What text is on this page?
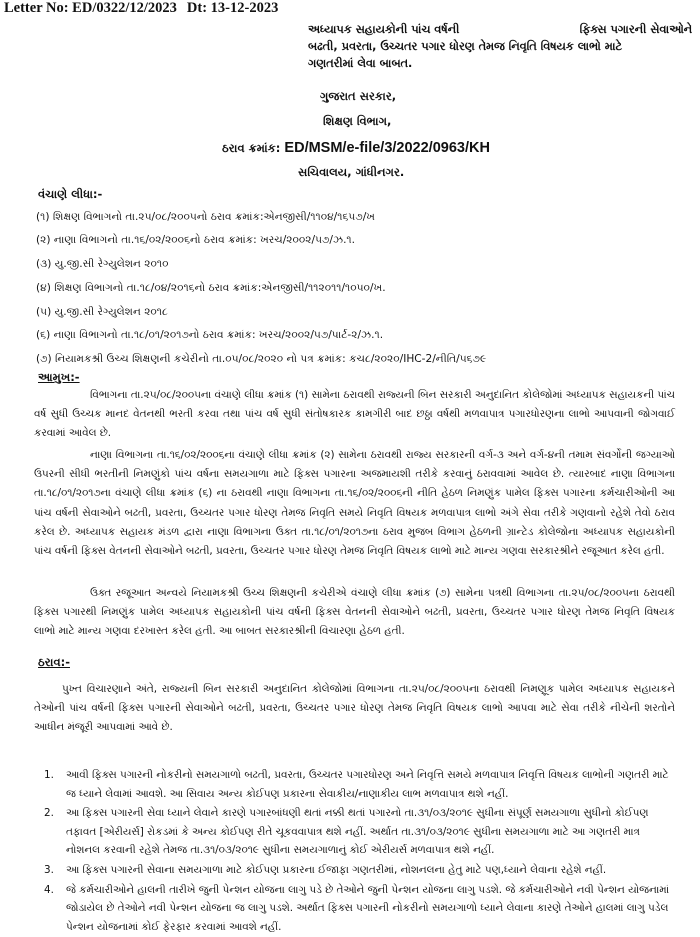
Letter No: ED/0322/12/2023 Dt: 13-12-2023
અધ્યાપક સહાયકોની પાંચ વર્ષની	ફિક્સ પગારની સેવાઓને
બઢતી, પ્રવરતા, ઉચ્ચતર પગાર ધોરણ તેમજ નિવૃતિ વિષયક લાભો માટે
ગણતરીમાં લેવા બાબત.
ગુજરાત સરકાર,
શિક્ષણ વિભાગ,
ઠરાવ ક્રમાંક: ED/MSM/e-file/3/2022/0963/KH
સચિવાલય, ગાંધીનગર.
વંચાણે લીધા:-
(૧) શિક્ષણ વિભાગનો તા.૨૫/૦૮/૨૦૦૫નો ઠરાવ ક્રમાંક:એનજીસી/૧૧૦૪/૧૬૫૭/ખ
(૨) નાણા વિભાગનો તા.૧૬/૦૨/૨૦૦૬નો ઠરાવ ક્રમાંક: ખરચ/૨૦૦૨/૫૭/ઝ.૧.
(૩) યુ.જી.સી રેગ્યુલેશન ૨૦૧૦
(૪) શિક્ષણ વિભાગનો તા.૧૮/૦૪/૨૦૧૬નો ઠરાવ ક્રમાંક:એનજીસી/૧૧૨૦૧૧/૧૦૫૦/ખ.
(૫) યુ.જી.સી રેગ્યુલેશન ૨૦૧૮
(૬) નાણા વિભાગનો તા.૧૮/૦૧/૨૦૧૭નો ઠરાવ ક્રમાંક: ખરચ/૨૦૦૨/૫૭/પાર્ટ-૨/ઝ.૧.
(૭) નિયામકશ્રી ઉચ્ચ શિક્ષણની કચેરીનો તા.૦૫/૦૮/૨૦૨૦ નો પત્ર ક્રમાંક: કચ૮/૨૦૨૦/IHC-2/નીતિ/૫૬૭૯
આમુખ:-
વિભાગના તા.૨૫/૦૮/૨૦૦૫ના વંચાણે લીધા ક્રમાંક (૧) સામેના ઠરાવથી રાજ્યની બિન સરકારી અનુદાનિત કોલેજોમાં અધ્યાપક સહાયકની પાંચ વર્ષ સુધી ઉચ્ચક માનદ વેતનથી ભરતી કરવા તથા પાંચ વર્ષ સુધી સંતોષકારક કામગીરી બાદ છઠ્ઠા વર્ષથી મળવાપાત્ર પગારધોરણના લાભો આપવાની જોગવાઈ કરવામાં આવેલ છે.
નાણા વિભાગના તા.૧૬/૦૨/૨૦૦૬ના વંચાણે લીધા ક્રમાંક (૨) સામેના ઠરાવથી રાજ્ય સરકારની વર્ગ-૩ અને વર્ગ-૪ની તમામ સંવર્ગોની જગ્યાઓ ઉપરની સીધી ભરતીની નિમણુંકો પાંચ વર્ષના સમયગાળા માટે ફિક્સ પગારના અજમાયશી તરીકે કરવાનું ઠરાવવામાં આવેલ છે. ત્યારબાદ નાણા વિભાગના તા.૧૮/૦૧/૨૦૧૭ના વંચાણે લીધા ક્રમાંક (૬) ના ઠરાવથી નાણા વિભાગના તા.૧૬/૦૨/૨૦૦૬ની નીતિ હેઠળ નિમણુંક પામેલ ફિક્સ પગારના કર્મચારીઓની આ પાંચ વર્ષની સેવાઓને બઢતી, પ્રવરતા, ઉચ્ચતર પગાર ધોરણ તેમજ નિવૃતિ સમયે નિવૃતિ વિષયક મળવાપાત્ર લાભો અંગે સેવા તરીકે ગણવાનો રહેશે તેવો ઠરાવ કરેલ છે. અધ્યાપક સહાયક મંડળ દ્વારા નાણા વિભાગના ઉક્ત તા.૧૮/૦૧/૨૦૧૭ના ઠરાવ મુજબ વિભાગ હેઠળની ગ્રાન્ટેડ કોલેજોના અધ્યાપક સહાયકોની પાંચ વર્ષની ફિક્સ વેતનની સેવાઓને બઢતી, પ્રવરતા, ઉચ્ચતર પગાર ધોરણ તેમજ નિવૃતિ વિષયક લાભો માટે માન્ય ગણવા સરકારશ્રીને રજૂઆત કરેલ હતી.
ઉક્ત રજૂઆત અન્વયે નિયામકશ્રી ઉચ્ચ શિક્ષણની કચેરીએ વંચાણે લીધા ક્રમાંક (૭) સામેના પત્રથી વિભાગના તા.૨૫/૦૮/૨૦૦૫ના ઠરાવથી ફિક્સ પગારથી નિમણુંક પામેલ અધ્યાપક સહાયકોની પાંચ વર્ષની ફિક્સ વેતનની સેવાઓને બઢતી, પ્રવરતા, ઉચ્ચતર પગાર ધોરણ તેમજ નિવૃતિ વિષયક લાભો માટે માન્ય ગણવા દરખાસ્ત કરેલ હતી. આ બાબત સરકારશ્રીની વિચારણા હેઠળ હતી.
ઠરાવ:-
પુખ્ત વિચારણાને અંતે, રાજ્યની બિન સરકારી અનુદાનિત કોલેજોમાં વિભાગના તા.૨૫/૦૮/૨૦૦૫ના ઠરાવથી નિમણૂક પામેલ અધ્યાપક સહાયકને તેઓની પાંચ વર્ષની ફિક્સ પગારની સેવાઓને બઢતી, પ્રવરતા, ઉચ્ચતર પગાર ધોરણ તેમજ નિવૃતિ વિષયક લાભો આપવા માટે સેવા તરીકે નીચેની શરતોને આધીન મંજૂરી આપવામાં આવે છે.
1. આવી ફિક્સ પગારની નોકરીનો સમયગાળો બઢતી, પ્રવરતા, ઉચ્ચતર પગારધોરણ અને નિવૃત્તિ સમયે મળવાપાત્ર નિવૃત્તિ વિષયક લાભોની ગણતરી માટે જ ધ્યાને લેવામાં આવશે. આ સિવાય અન્ય કોઈપણ પ્રકારના સેવાકીય/નાણાકીય લાભ મળવાપાત્ર થશે નહીં.
2. આ ફિક્સ પગારની સેવા ધ્યાને લેવાને કારણે પગારબાંધણી થતાં નક્કી થતાં પગારનો તા.૩૧/૦૩/૨૦૧૯ સુધીના સંપૂર્ણ સમયગાળા સુધીનો કોઈપણ તફાવત [એરીયર્સ] રોકડમાં કે અન્ય કોઈપણ રીતે ચૂકવવાપાત્ર થશે નહીં. અર્થાત તા.૩૧/૦૩/૨૦૧૯ સુધીના સમયગાળા માટે આ ગણતરી માત્ર નોશનલ કરવાની રહેશે તેમજ તા.૩૧/૦૩/૨૦૧૯ સુધીના સમયગાળાનું કોઈ એરીયર્સ મળવાપાત્ર થશે નહીં.
3. આ ફિક્સ પગારની સેવાના સમયગાળા માટે કોઈપણ પ્રકારના ઈજાફા ગણતરીમાં, નોશનલના હેતુ માટે પણ,ધ્યાને લેવાના રહેશે નહીં.
4. જે કર્મચારીઓને હાલની તારીખે જુની પેન્શન યોજના લાગુ પડે છે તેઓને જુની પેન્શન યોજના લાગુ પડશે. જે કર્મચારીઓને નવી પેન્શન યોજનામાં જોડાયેલ છે તેઓને નવી પેન્શન યોજના જ લાગુ પડશે. અર્થાત ફિક્સ પગારની નોકરીનો સમયગાળો ધ્યાને લેવાના કારણે તેઓને હાલમાં લાગુ પડેલ પેન્શન યોજનામાં કોઈ ફેરફાર કરવામાં આવશે નહીં.
